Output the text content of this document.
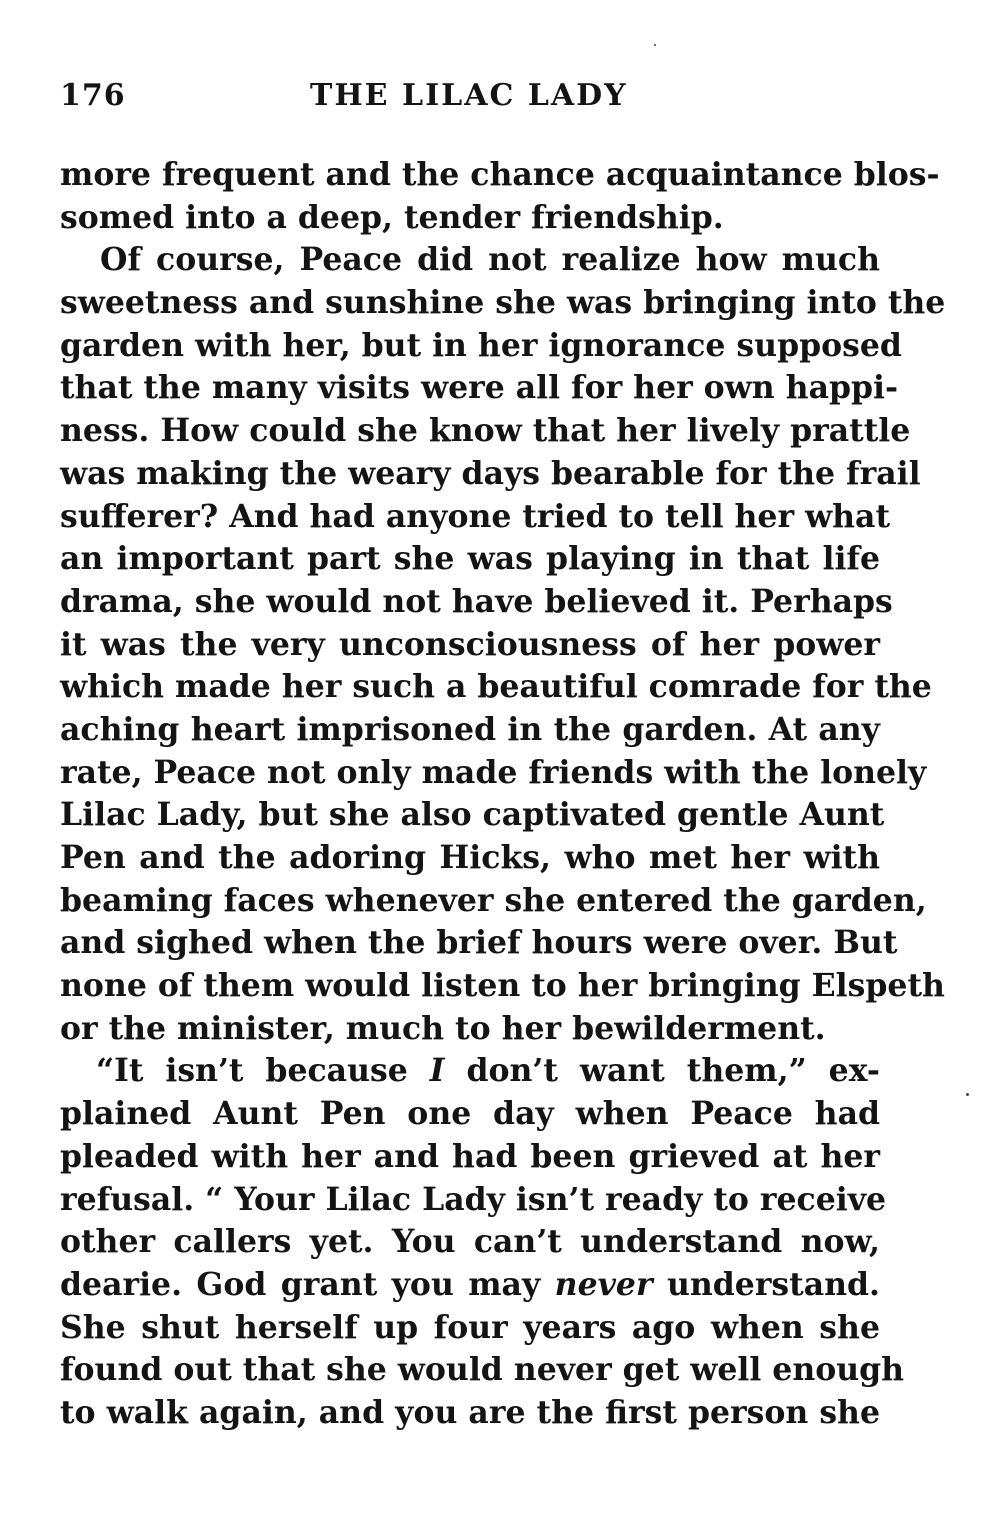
176	THE LILAC LADY
more frequent and the chance acquaintance blos-
somed into a deep, tender friendship.
Of course, Peace did not realize how much
sweetness and sunshine she was bringing into the
garden with her, but in her ignorance supposed
that the many visits were all for her own happi-
ness. How could she know that her lively prattle
was making the weary days bearable for the frail
sufferer? And had anyone tried to tell her what
an important part she was playing in that life
drama, she would not have believed it. Perhaps
it was the very unconsciousness of her power
which made her such a beautiful comrade for the
aching heart imprisoned in the garden. At any
rate, Peace not only made friends with the lonely
Lilac Lady, but she also captivated gentle Aunt
Pen and the adoring Hicks, who met her with
beaming faces whenever she entered the garden,
and sighed when the brief hours were over. But
none of them would listen to her bringing Elspeth
or the minister, much to her bewilderment.
“It isn’t because I don’t want them,” ex-
plained Aunt Pen one day when Peace had
pleaded with her and had been grieved at her
refusal. “ Your Lilac Lady isn’t ready to receive
other callers yet. You can’t understand now,
dearie. God grant you may never understand.
She shut herself up four years ago when she
found out that she would never get well enough
to walk again, and you are the first person she
